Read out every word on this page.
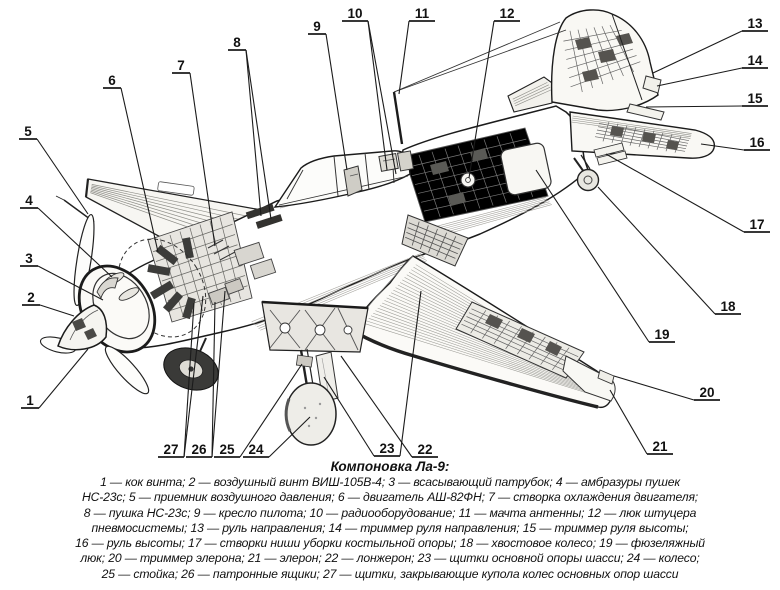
1
2
3
4
5
6
7
8
9
10	11	12
13
14
15
16
17
18
19
20
21
22
23
24
25
26
27
Компоновка Ла-9:
1 — кок винта; 2 — воздушный винт ВИШ-105В-4; 3 — всасывающий патрубок; 4 — амбразуры пушек
НС-23с; 5 — приемник воздушного давления; 6 — двигатель АШ-82ФН; 7 — створка охлаждения двигателя;
8 — пушка НС-23с; 9 — кресло пилота; 10 — радиооборудование; 11 — мачта антенны; 12 — люк штуцера
пневмосистемы; 13 — руль направления; 14 — триммер руля направления; 15 — триммер руля высоты;
16 — руль высоты; 17 — створки ниши уборки костыльной опоры; 18 — хвостовое колесо; 19 — фюзеляжный
люк; 20 — триммер элерона; 21 — элерон; 22 — лонжерон; 23 — щитки основной опоры шасси; 24 — колесо;
25 — стойка; 26 — патронные ящики; 27 — щитки, закрывающие купола колес основных опор шасси
